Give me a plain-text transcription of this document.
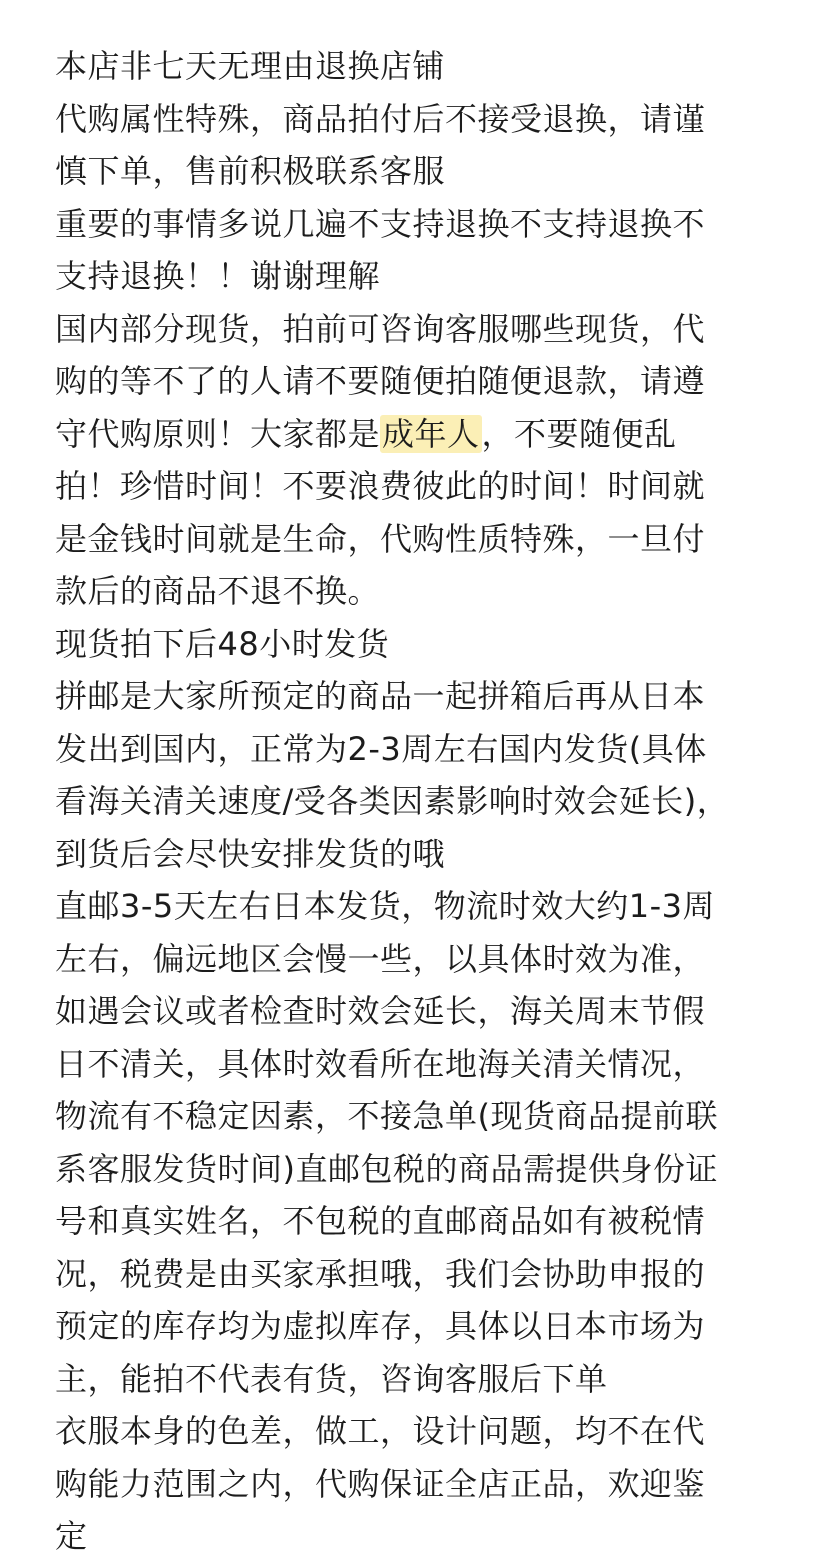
本店非七天无理由退换店铺
代购属性特殊，商品拍付后不接受退换，请谨
慎下单，售前积极联系客服
重要的事情多说几遍不支持退换不支持退换不
支持退换！！谢谢理解
国内部分现货，拍前可咨询客服哪些现货，代
购的等不了的人请不要随便拍随便退款，请遵
守代购原则！大家都是成年人，不要随便乱
拍！珍惜时间！不要浪费彼此的时间！时间就
是金钱时间就是生命，代购性质特殊，一旦付
款后的商品不退不换。
现货拍下后48小时发货
拼邮是大家所预定的商品一起拼箱后再从日本
发出到国内，正常为2-3周左右国内发货(具体
看海关清关速度/受各类因素影响时效会延长)，
到货后会尽快安排发货的哦
直邮3-5天左右日本发货，物流时效大约1-3周
左右，偏远地区会慢一些，以具体时效为准，
如遇会议或者检查时效会延长，海关周末节假
日不清关，具体时效看所在地海关清关情况，
物流有不稳定因素，不接急单(现货商品提前联
系客服发货时间)直邮包税的商品需提供身份证
号和真实姓名，不包税的直邮商品如有被税情
况，税费是由买家承担哦，我们会协助申报的
预定的库存均为虚拟库存，具体以日本市场为
主，能拍不代表有货，咨询客服后下单
衣服本身的色差，做工，设计问题，均不在代
购能力范围之内，代购保证全店正品，欢迎鉴
定
